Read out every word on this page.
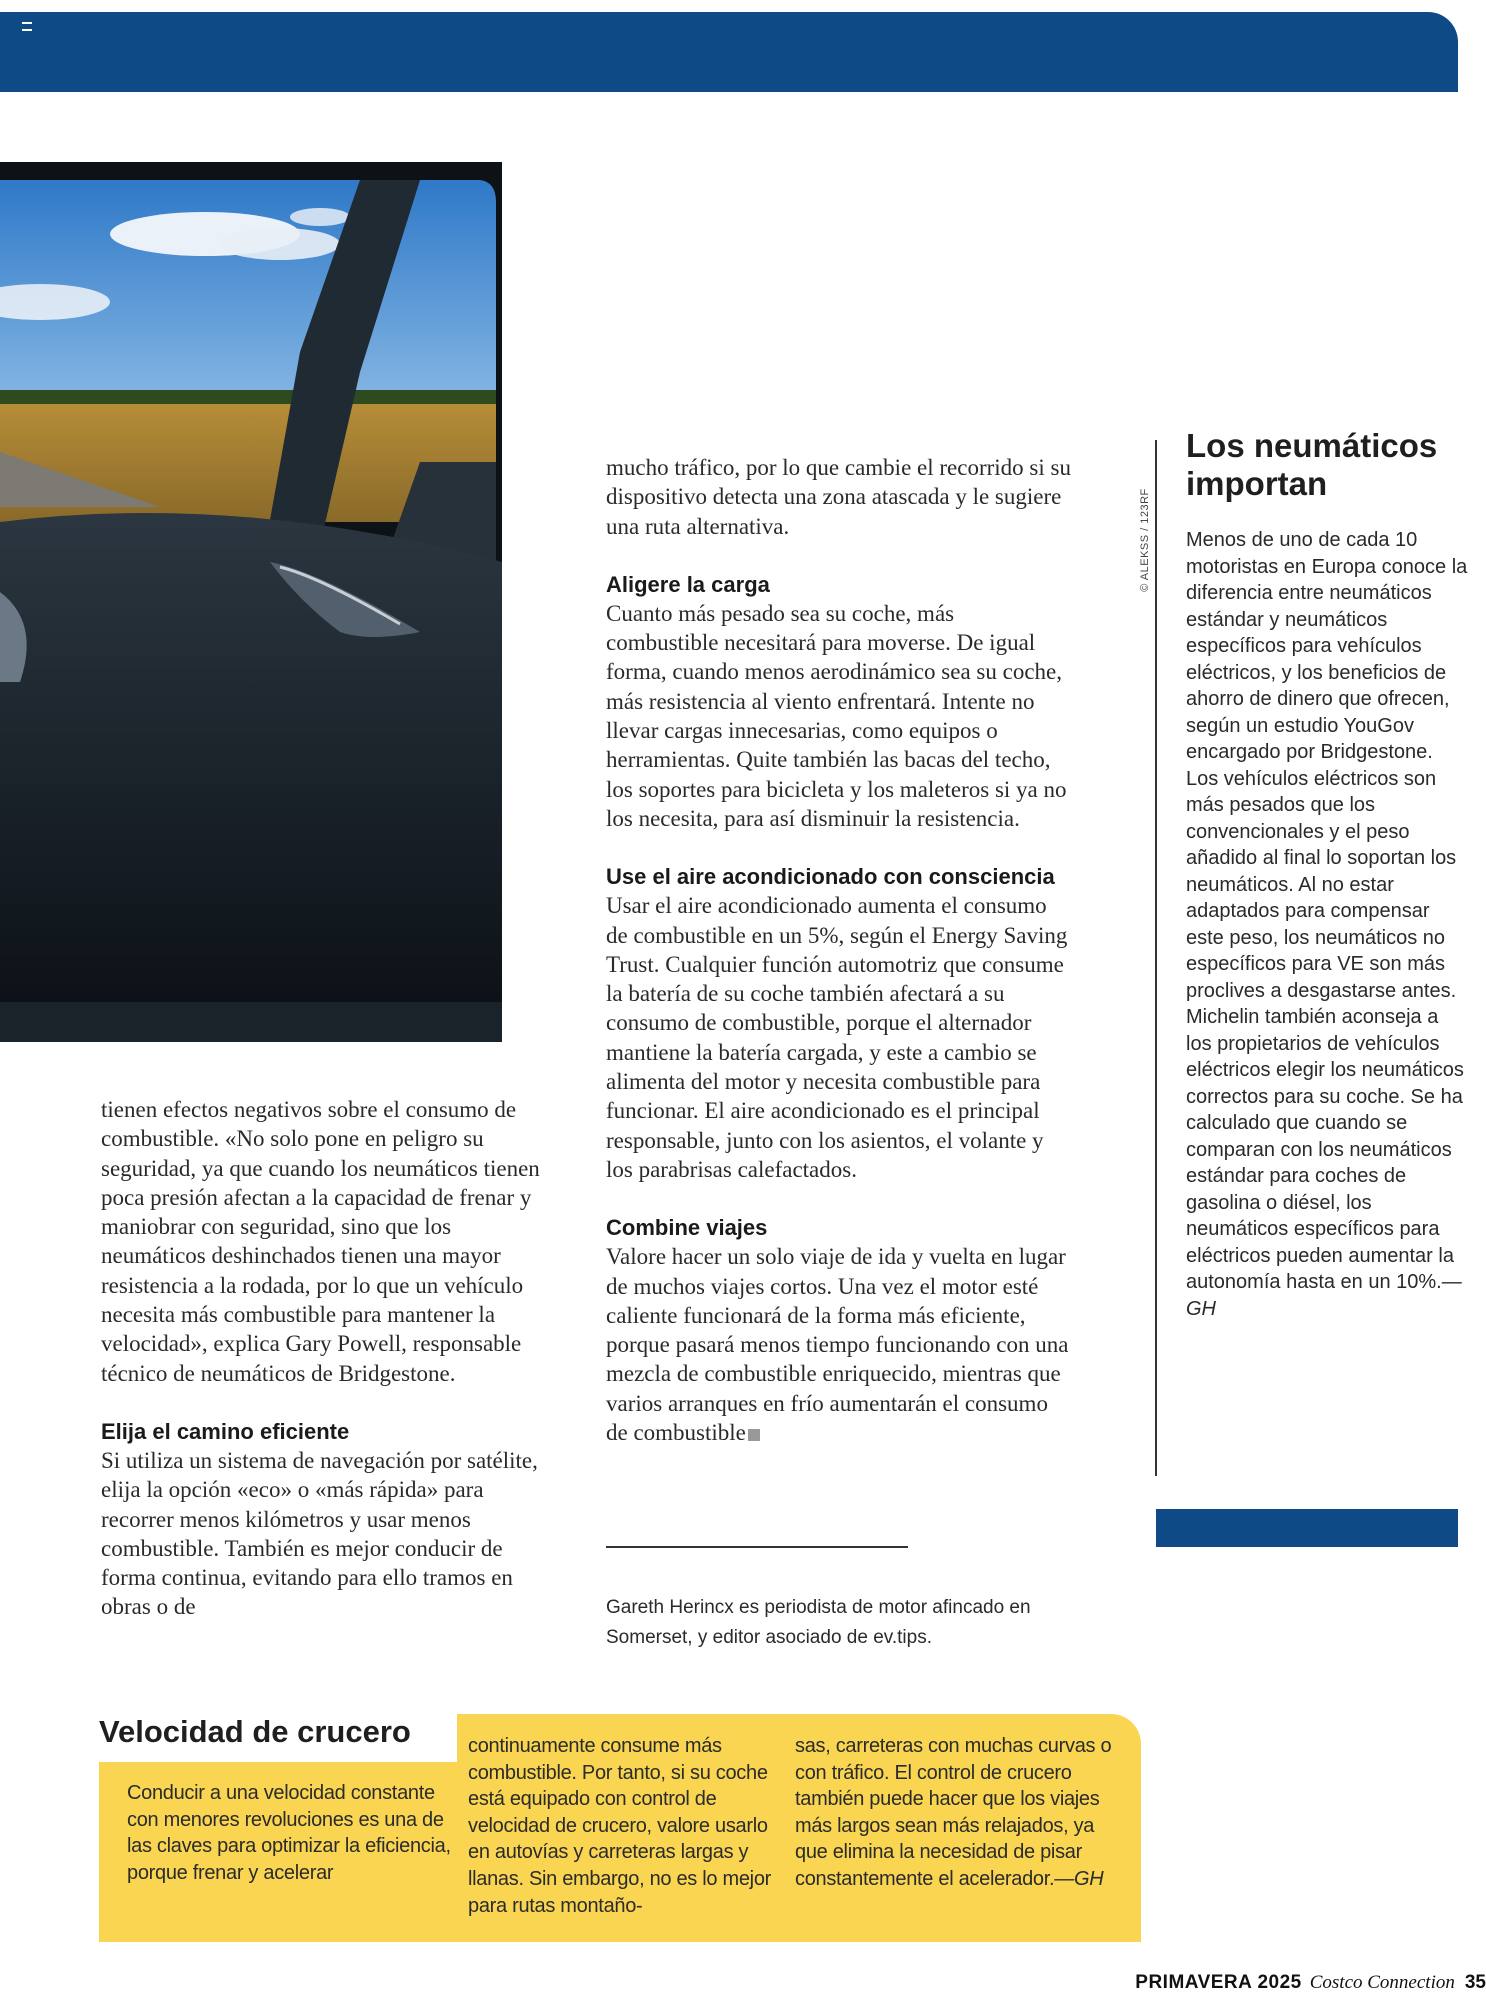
tienen efectos negativos sobre el consumo de combustible. «No solo pone en peligro su seguridad, ya que cuando los neumáticos tienen poca presión afectan a la capacidad de frenar y maniobrar con seguridad, sino que los neumáticos deshinchados tienen una mayor resistencia a la rodada, por lo que un vehículo necesita más combustible para mantener la velocidad», explica Gary Powell, responsable técnico de neumáticos de Bridgestone.

Elija el camino eficiente

Si utiliza un sistema de navegación por satélite, elija la opción «eco» o «más rápida» para recorrer menos kilómetros y usar menos combustible. También es mejor conducir de forma continua, evitando para ello tramos en obras o de

mucho tráfico, por lo que cambie el recorrido si su dispositivo detecta una zona atascada y le sugiere una ruta alternativa.

Aligere la carga

Cuanto más pesado sea su coche, más combustible necesitará para moverse. De igual forma, cuando menos aerodinámico sea su coche, más resistencia al viento enfrentará. Intente no llevar cargas innecesarias, como equipos o herramientas. Quite también las bacas del techo, los soportes para bicicleta y los maleteros si ya no los necesita, para así disminuir la resistencia.

Use el aire acondicionado con consciencia

Usar el aire acondicionado aumenta el consumo de combustible en un 5%, según el Energy Saving Trust. Cualquier función automotriz que consume la batería de su coche también afectará a su consumo de combustible, porque el alternador mantiene la batería cargada, y este a cambio se alimenta del motor y necesita combustible para funcionar. El aire acondicionado es el principal responsable, junto con los asientos, el volante y los parabrisas calefactados.

Combine viajes

Valore hacer un solo viaje de ida y vuelta en lugar de muchos viajes cortos. Una vez el motor esté caliente funcionará de la forma más eficiente, porque pasará menos tiempo funcionando con una mezcla de combustible enriquecido, mientras que varios arranques en frío aumentarán el consumo de combustible

Gareth Herincx es periodista de motor afincado en Somerset, y editor asociado de ev.tips.
© ALEKSS / 123RF
Los neumáticos importan
Menos de uno de cada 10 motoristas en Europa conoce la diferencia entre neumáticos estándar y neumáticos específicos para vehículos eléctricos, y los beneficios de ahorro de dinero que ofrecen, según un estudio YouGov encargado por Bridgestone. Los vehículos eléctricos son más pesados que los convencionales y el peso añadido al final lo soportan los neumáticos. Al no estar adaptados para compensar este peso, los neumáticos no específicos para VE son más proclives a desgastarse antes. Michelin también aconseja a los propietarios de vehículos eléctricos elegir los neumáticos correctos para su coche. Se ha calculado que cuando se comparan con los neumáticos estándar para coches de gasolina o diésel, los neumáticos específicos para eléctricos pueden aumentar la autonomía hasta en un 10%.—GH
Velocidad de crucero
Conducir a una velocidad constante con menores revoluciones es una de las claves para optimizar la eficiencia, porque frenar y acelerar
continuamente consume más combustible. Por tanto, si su coche está equipado con control de velocidad de crucero, valore usarlo en autovías y carreteras largas y llanas. Sin embargo, no es lo mejor para rutas montaño-
sas, carreteras con muchas curvas o con tráfico. El control de crucero también puede hacer que los viajes más largos sean más relajados, ya que elimina la necesidad de pisar constantemente el acelerador.—GH
PRIMAVERA 2025 Costco Connection 35
